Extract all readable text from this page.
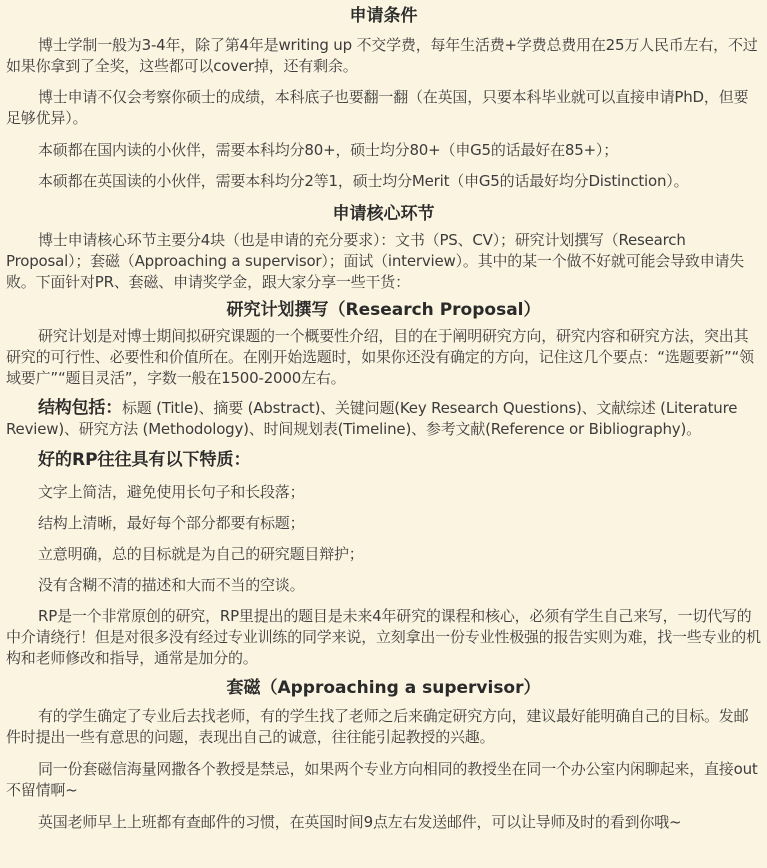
申请条件

博士学制一般为3-4年，除了第4年是writing up 不交学费，每年生活费+学费总费用在25万人民币左右，不过如果你拿到了全奖，这些都可以cover掉，还有剩余。

博士申请不仅会考察你硕士的成绩，本科底子也要翻一翻（在英国，只要本科毕业就可以直接申请PhD，但要足够优异）。

本硕都在国内读的小伙伴，需要本科均分80+，硕士均分80+（申G5的话最好在85+）；

本硕都在英国读的小伙伴，需要本科均分2等1，硕士均分Merit（申G5的话最好均分Distinction）。

申请核心环节

博士申请核心环节主要分4块（也是申请的充分要求）：文书（PS、CV）；研究计划撰写（Research Proposal）；套磁（Approaching a supervisor）；面试（interview）。其中的某一个做不好就可能会导致申请失败。下面针对PR、套磁、申请奖学金，跟大家分享一些干货：

研究计划撰写（Research Proposal）

研究计划是对博士期间拟研究课题的一个概要性介绍，目的在于阐明研究方向，研究内容和研究方法，突出其研究的可行性、必要性和价值所在。在刚开始选题时，如果你还没有确定的方向，记住这几个要点：“选题要新”“领域要广”“题目灵活”，字数一般在1500-2000左右。

结构包括：标题 (Title)、摘要 (Abstract)、关键问题(Key Research Questions)、文献综述 (Literature Review)、研究方法 (Methodology)、时间规划表(Timeline)、参考文献(Reference or Bibliography)。

好的RP往往具有以下特质：

文字上简洁，避免使用长句子和长段落；

结构上清晰，最好每个部分都要有标题；

立意明确，总的目标就是为自己的研究题目辩护；

没有含糊不清的描述和大而不当的空谈。

RP是一个非常原创的研究，RP里提出的题目是未来4年研究的课程和核心，必须有学生自己来写，一切代写的中介请绕行！但是对很多没有经过专业训练的同学来说，立刻拿出一份专业性极强的报告实则为难，找一些专业的机构和老师修改和指导，通常是加分的。

套磁（Approaching a supervisor）

有的学生确定了专业后去找老师，有的学生找了老师之后来确定研究方向，建议最好能明确自己的目标。发邮件时提出一些有意思的问题，表现出自己的诚意，往往能引起教授的兴趣。

同一份套磁信海量网撒各个教授是禁忌，如果两个专业方向相同的教授坐在同一个办公室内闲聊起来，直接out不留情啊~

英国老师早上上班都有查邮件的习惯，在英国时间9点左右发送邮件，可以让导师及时的看到你哦~
